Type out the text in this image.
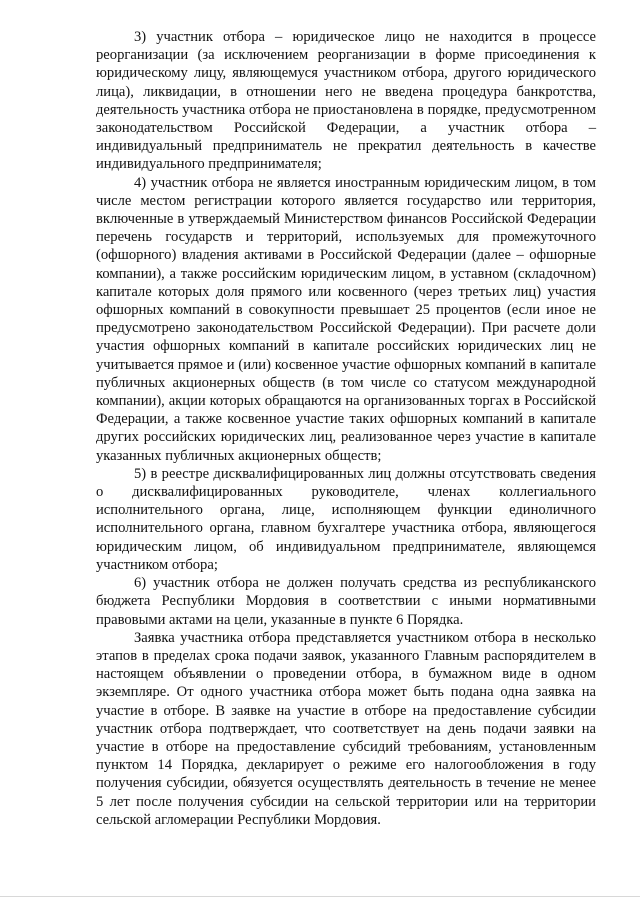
3) участник отбора – юридическое лицо не находится в процессе реорганизации (за исключением реорганизации в форме присоединения к юридическому лицу, являющемуся участником отбора, другого юридического лица), ликвидации, в отношении него не введена процедура банкротства, деятельность участника отбора не приостановлена в порядке, предусмотренном законодательством Российской Федерации, а участник отбора – индивидуальный предприниматель не прекратил деятельность в качестве индивидуального предпринимателя;

4) участник отбора не является иностранным юридическим лицом, в том числе местом регистрации которого является государство или территория, включенные в утверждаемый Министерством финансов Российской Федерации перечень государств и территорий, используемых для промежуточного (офшорного) владения активами в Российской Федерации (далее – офшорные компании), а также российским юридическим лицом, в уставном (складочном) капитале которых доля прямого или косвенного (через третьих лиц) участия офшорных компаний в совокупности превышает 25 процентов (если иное не предусмотрено законодательством Российской Федерации). При расчете доли участия офшорных компаний в капитале российских юридических лиц не учитывается прямое и (или) косвенное участие офшорных компаний в капитале публичных акционерных обществ (в том числе со статусом международной компании), акции которых обращаются на организованных торгах в Российской Федерации, а также косвенное участие таких офшорных компаний в капитале других российских юридических лиц, реализованное через участие в капитале указанных публичных акционерных обществ;

5) в реестре дисквалифицированных лиц должны отсутствовать сведения о дисквалифицированных руководителе, членах коллегиального исполнительного органа, лице, исполняющем функции единоличного исполнительного органа, главном бухгалтере участника отбора, являющегося юридическим лицом, об индивидуальном предпринимателе, являющемся участником отбора;

6) участник отбора не должен получать средства из республиканского бюджета Республики Мордовия в соответствии с иными нормативными правовыми актами на цели, указанные в пункте 6 Порядка.

Заявка участника отбора представляется участником отбора в несколько этапов в пределах срока подачи заявок, указанного Главным распорядителем в настоящем объявлении о проведении отбора, в бумажном виде в одном экземпляре. От одного участника отбора может быть подана одна заявка на участие в отборе. В заявке на участие в отборе на предоставление субсидии участник отбора подтверждает, что соответствует на день подачи заявки на участие в отборе на предоставление субсидий требованиям, установленным пунктом 14 Порядка, декларирует о режиме его налогообложения в году получения субсидии, обязуется осуществлять деятельность в течение не менее 5 лет после получения субсидии на сельской территории или на территории сельской агломерации Республики Мордовия.
